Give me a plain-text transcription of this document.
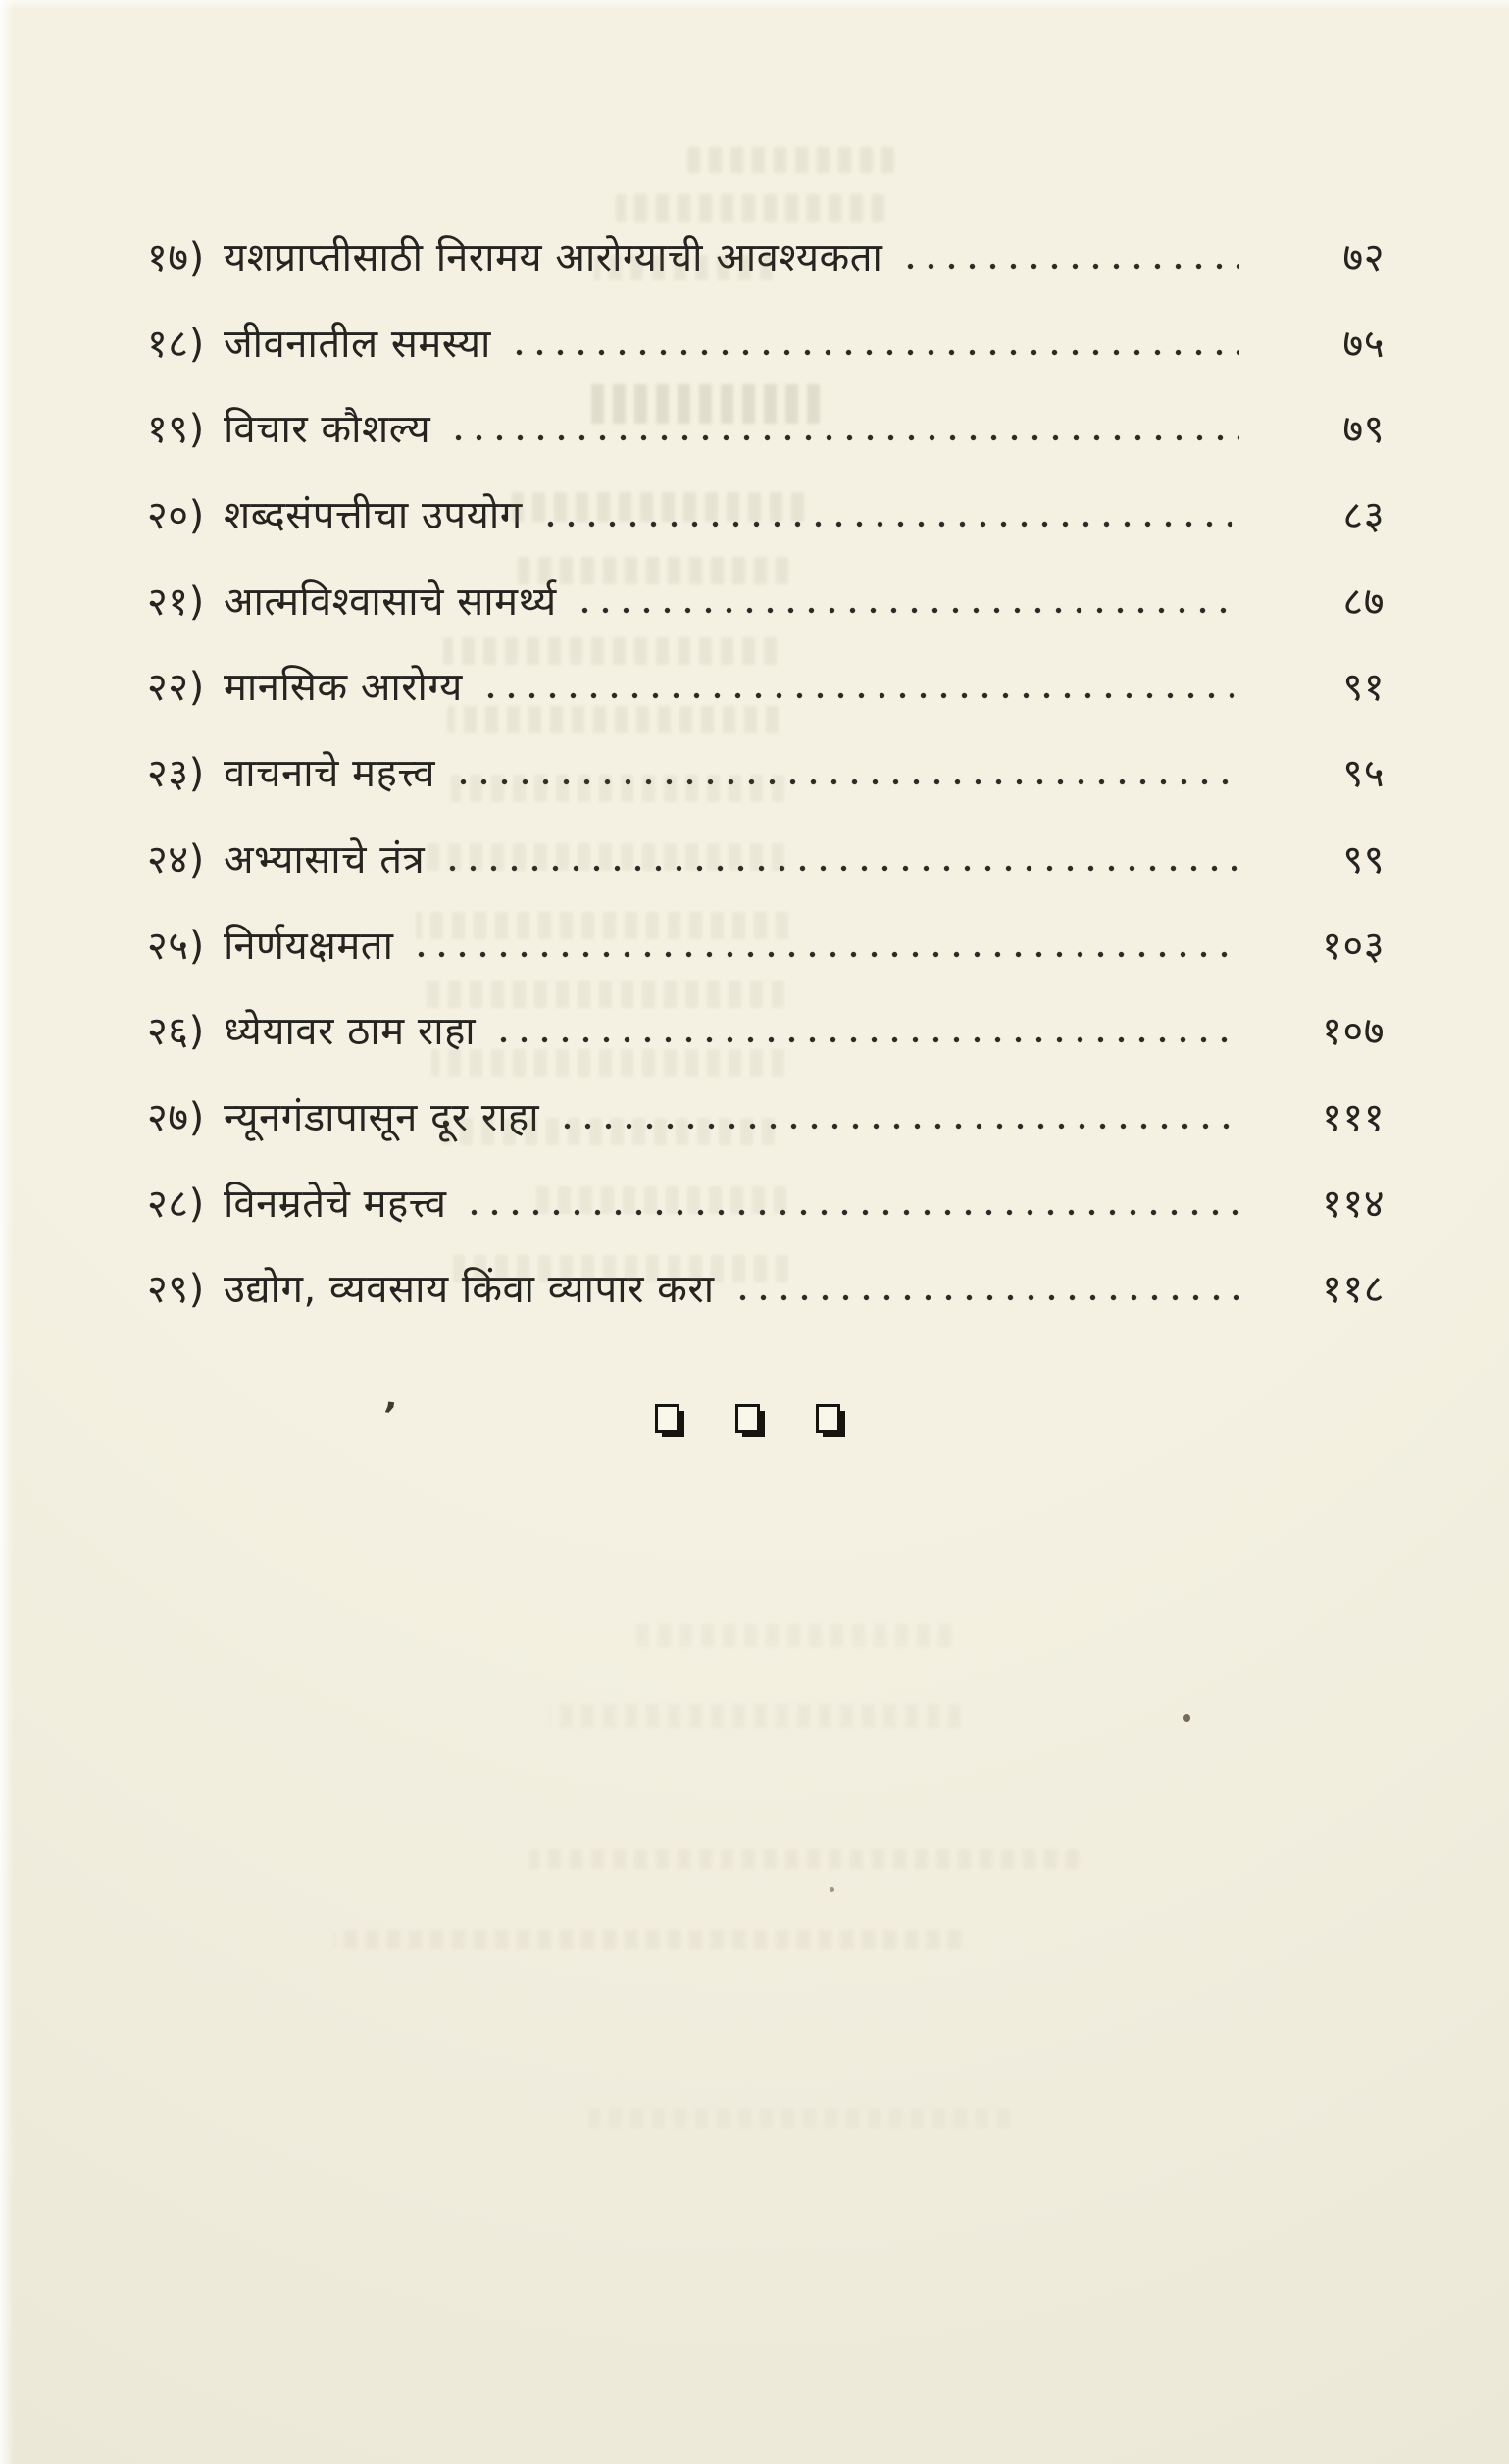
१७) यशप्राप्तीसाठी निरामय आरोग्याची आवश्यकता	७२
१८) जीवनातील समस्या	७५
१९) विचार कौशल्य	७९
२०) शब्दसंपत्तीचा उपयोग	८३
२१) आत्मविश्वासाचे सामर्थ्य	८७
२२) मानसिक आरोग्य	९१
२३) वाचनाचे महत्त्व	९५
२४) अभ्यासाचे तंत्र	९९
२५) निर्णयक्षमता	१०३
२६) ध्येयावर ठाम राहा	१०७
२७) न्यूनगंडापासून दूर राहा	१११
२८) विनम्रतेचे महत्त्व	११४
२९) उद्योग, व्यवसाय किंवा व्यापार करा	११८
’
